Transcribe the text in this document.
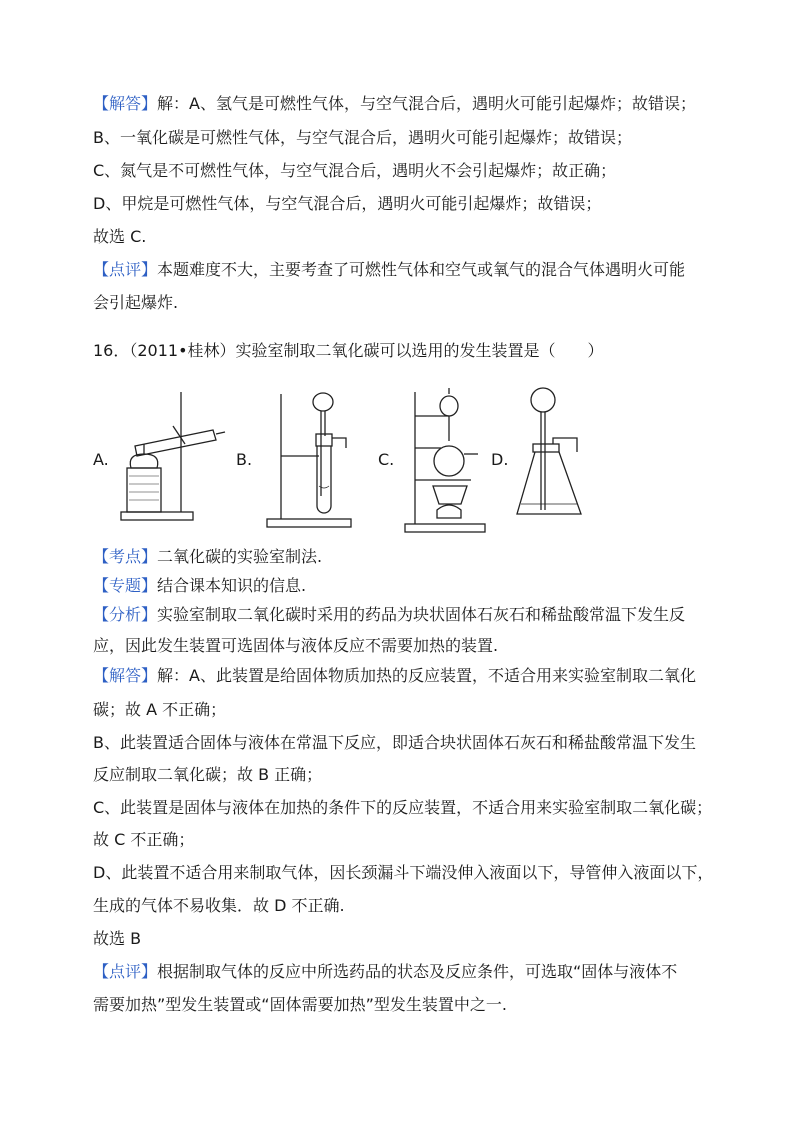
【解答】解：A、氢气是可燃性气体，与空气混合后，遇明火可能引起爆炸；故错误；
B、一氧化碳是可燃性气体，与空气混合后，遇明火可能引起爆炸；故错误；
C、氮气是不可燃性气体，与空气混合后，遇明火不会引起爆炸；故正确；
D、甲烷是可燃性气体，与空气混合后，遇明火可能引起爆炸；故错误；
故选 C.
【点评】本题难度不大，主要考查了可燃性气体和空气或氧气的混合气体遇明火可能
会引起爆炸.
16．（2011•桂林）实验室制取二氧化碳可以选用的发生装置是（　　）
A.	B.	C.	D.
【考点】二氧化碳的实验室制法.
【专题】结合课本知识的信息.
【分析】实验室制取二氧化碳时采用的药品为块状固体石灰石和稀盐酸常温下发生反
应，因此发生装置可选固体与液体反应不需要加热的装置.
【解答】解：A、此装置是给固体物质加热的反应装置，不适合用来实验室制取二氧化
碳；故 A 不正确；
B、此装置适合固体与液体在常温下反应，即适合块状固体石灰石和稀盐酸常温下发生
反应制取二氧化碳；故 B 正确；
C、此装置是固体与液体在加热的条件下的反应装置，不适合用来实验室制取二氧化碳；
故 C 不正确；
D、此装置不适合用来制取气体，因长颈漏斗下端没伸入液面以下，导管伸入液面以下，
生成的气体不易收集．故 D 不正确.
故选 B
【点评】根据制取气体的反应中所选药品的状态及反应条件，可选取“固体与液体不
需要加热”型发生装置或“固体需要加热”型发生装置中之一.
